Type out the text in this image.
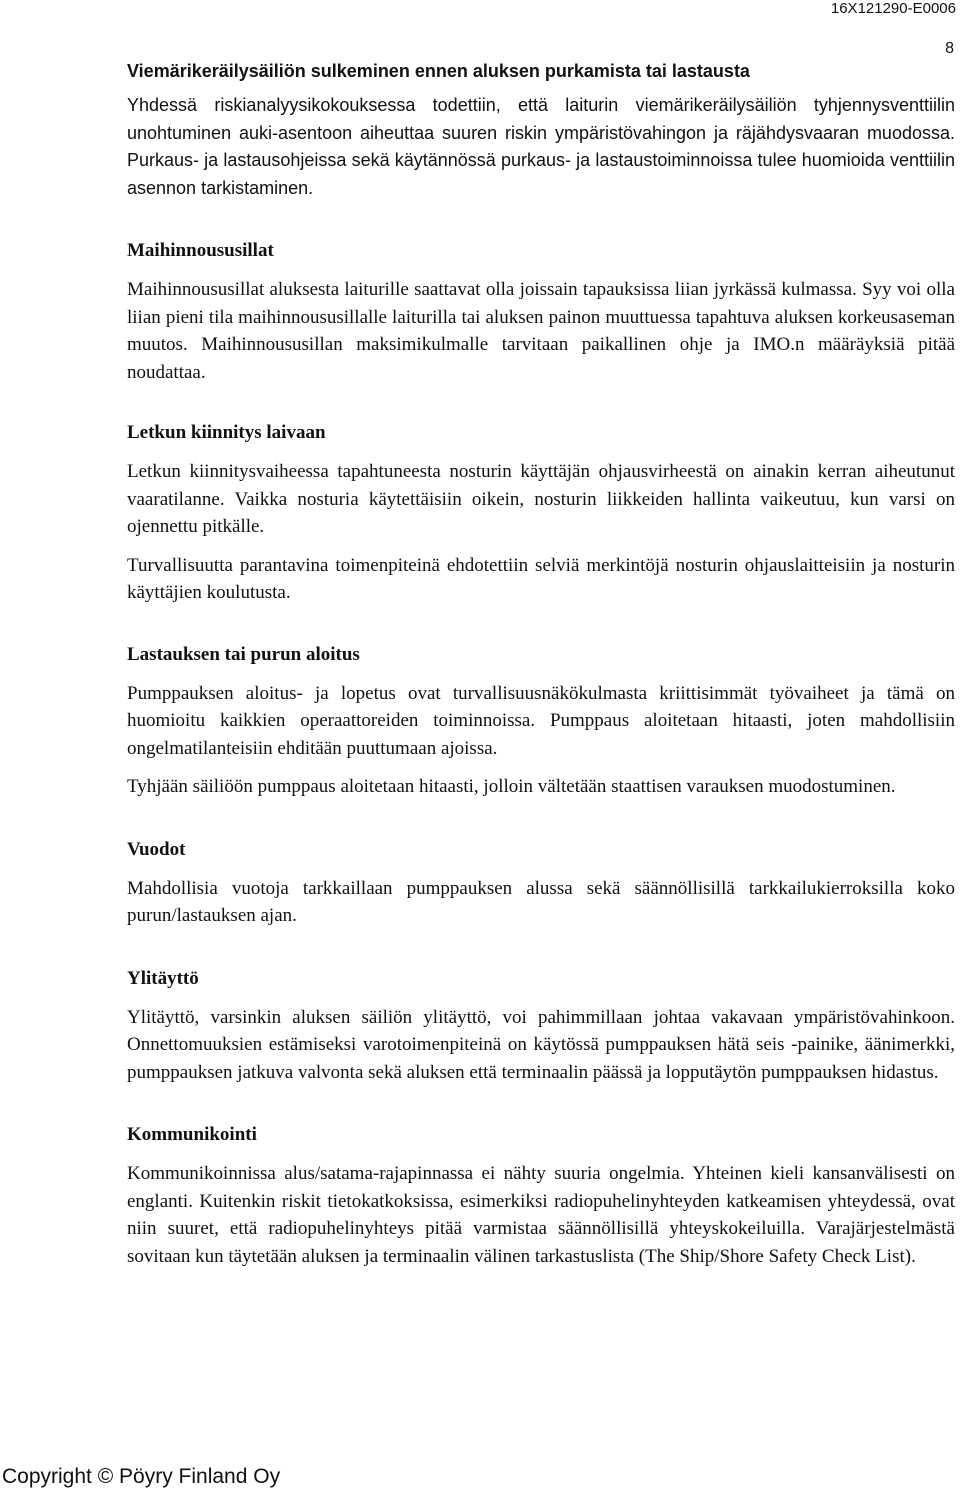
16X121290-E0006
8
Viemärikeräilysäiliön sulkeminen ennen aluksen purkamista tai lastausta

Yhdessä riskianalyysikokouksessa todettiin, että laiturin viemärikeräilysäiliön tyhjennysventtiilin unohtuminen auki-asentoon aiheuttaa suuren riskin ympäristövahingon ja räjähdysvaaran muodossa. Purkaus- ja lastausohjeissa sekä käytännössä purkaus- ja lastaustoiminnoissa tulee huomioida venttiilin asennon tarkistaminen.

Maihinnoususillat

Maihinnoususillat aluksesta laiturille saattavat olla joissain tapauksissa liian jyrkässä kulmassa. Syy voi olla liian pieni tila maihinnoususillalle laiturilla tai aluksen painon muuttuessa tapahtuva aluksen korkeusaseman muutos. Maihinnoususillan maksimikulmalle tarvitaan paikallinen ohje ja IMO.n määräyksiä pitää noudattaa.

Letkun kiinnitys laivaan

Letkun kiinnitysvaiheessa tapahtuneesta nosturin käyttäjän ohjausvirheestä on ainakin kerran aiheutunut vaaratilanne. Vaikka nosturia käytettäisiin oikein, nosturin liikkeiden hallinta vaikeutuu, kun varsi on ojennettu pitkälle.

Turvallisuutta parantavina toimenpiteinä ehdotettiin selviä merkintöjä nosturin ohjauslaitteisiin ja nosturin käyttäjien koulutusta.

Lastauksen tai purun aloitus

Pumppauksen aloitus- ja lopetus ovat turvallisuusnäkökulmasta kriittisimmät työvaiheet ja tämä on huomioitu kaikkien operaattoreiden toiminnoissa. Pumppaus aloitetaan hitaasti, joten mahdollisiin ongelmatilanteisiin ehditään puuttumaan ajoissa.

Tyhjään säiliöön pumppaus aloitetaan hitaasti, jolloin vältetään staattisen varauksen muodostuminen.

Vuodot

Mahdollisia vuotoja tarkkaillaan pumppauksen alussa sekä säännöllisillä tarkkailukierroksilla koko purun/lastauksen ajan.

Ylitäyttö

Ylitäyttö, varsinkin aluksen säiliön ylitäyttö, voi pahimmillaan johtaa vakavaan ympäristövahinkoon. Onnettomuuksien estämiseksi varotoimenpiteinä on käytössä pumppauksen hätä seis -painike, äänimerkki, pumppauksen jatkuva valvonta sekä aluksen että terminaalin päässä ja lopputäytön pumppauksen hidastus.

Kommunikointi

Kommunikoinnissa alus/satama-rajapinnassa ei nähty suuria ongelmia. Yhteinen kieli kansanvälisesti on englanti. Kuitenkin riskit tietokatkoksissa, esimerkiksi radiopuhelinyhteyden katkeamisen yhteydessä, ovat niin suuret, että radiopuhelinyhteys pitää varmistaa säännöllisillä yhteyskokeiluilla. Varajärjestelmästä sovitaan kun täytetään aluksen ja terminaalin välinen tarkastuslista (The Ship/Shore Safety Check List).

Copyright © Pöyry Finland Oy
